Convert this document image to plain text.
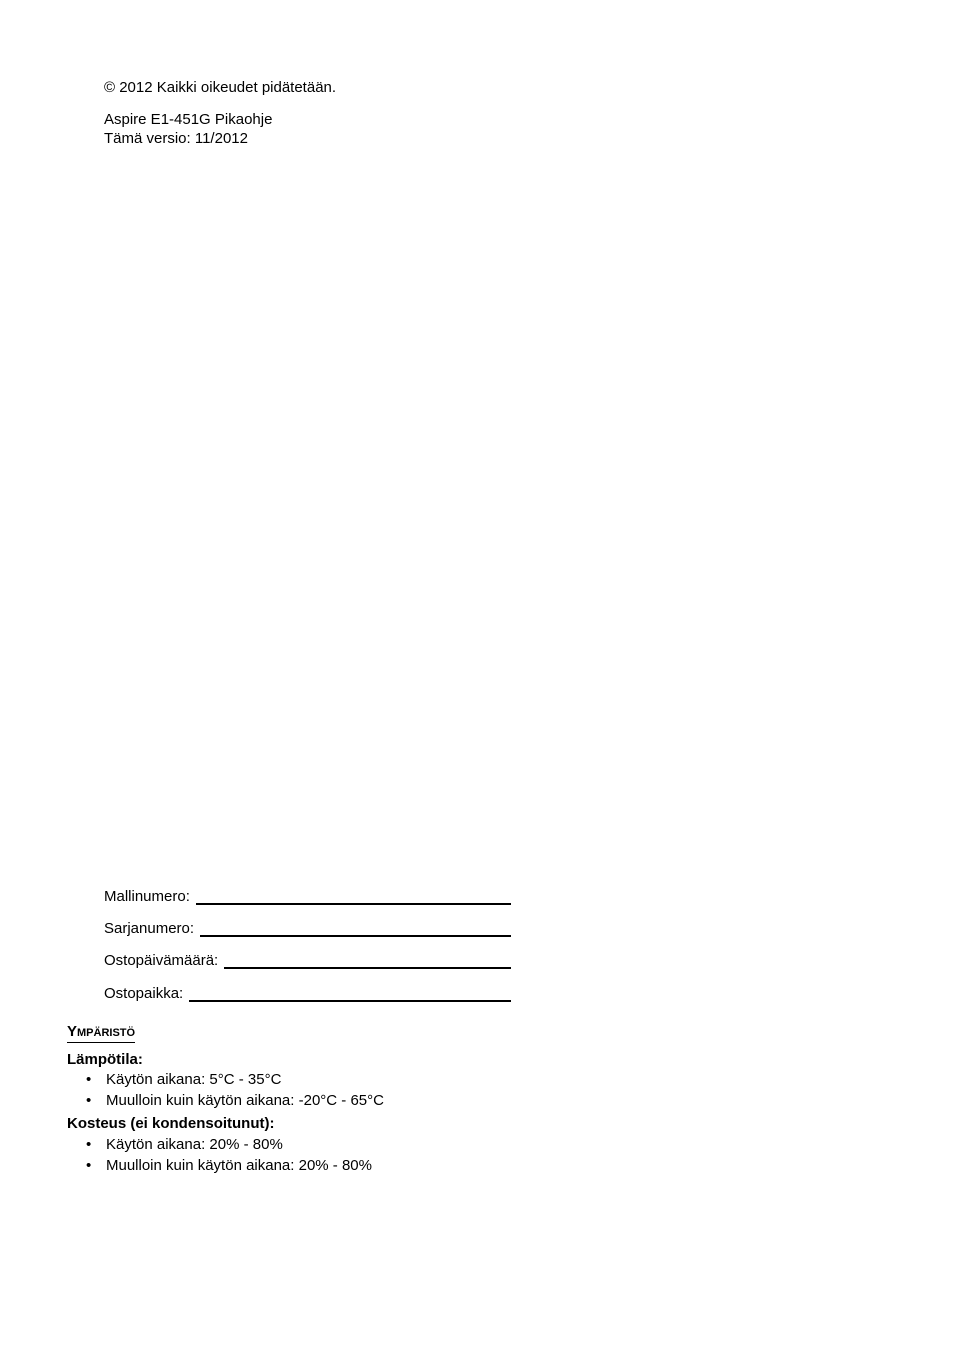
© 2012 Kaikki oikeudet pidätetään.
Aspire E1-451G Pikaohje
Tämä versio: 11/2012
Mallinumero:
Sarjanumero:
Ostopäivämäärä:
Ostopaikka:
Ympäristö
Lämpötila:
• Käytön aikana: 5°C - 35°C
• Muulloin kuin käytön aikana: -20°C - 65°C
Kosteus (ei kondensoitunut):
• Käytön aikana: 20% - 80%
• Muulloin kuin käytön aikana: 20% - 80%
